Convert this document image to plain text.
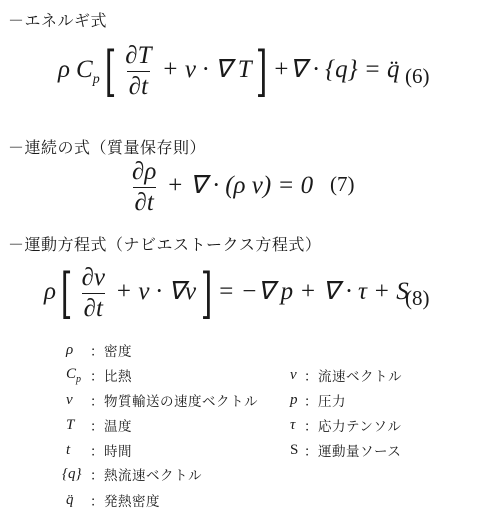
－エネルギ式
－連続の式（質量保存則）
－運動方程式（ナビエストークス方程式）
ρ $C_p$ [ $\frac{\partial T}{\partial t} + v$ · ∇ T ] +∇ · {q} = q̈ (6)
$\frac{\partial\rho}{\partial t}$ + ∇ · (ρ v) = 0 (7)
ρ [ $\frac{\partial v}{\partial t} + v \cdot \nabla v$ ] = −∇ p + ∇ · τ + S
(8)
ρ	：密度
$C_p$ ：比熱
v	：物質輸送の速度ベクトル
T	：温度
t	：時間
{q} ：熱流速ベクトル
q̈	：発熱密度
v ：流速ベクトル
p ：圧力
τ ：応力テンソル
S ：運動量ソース
